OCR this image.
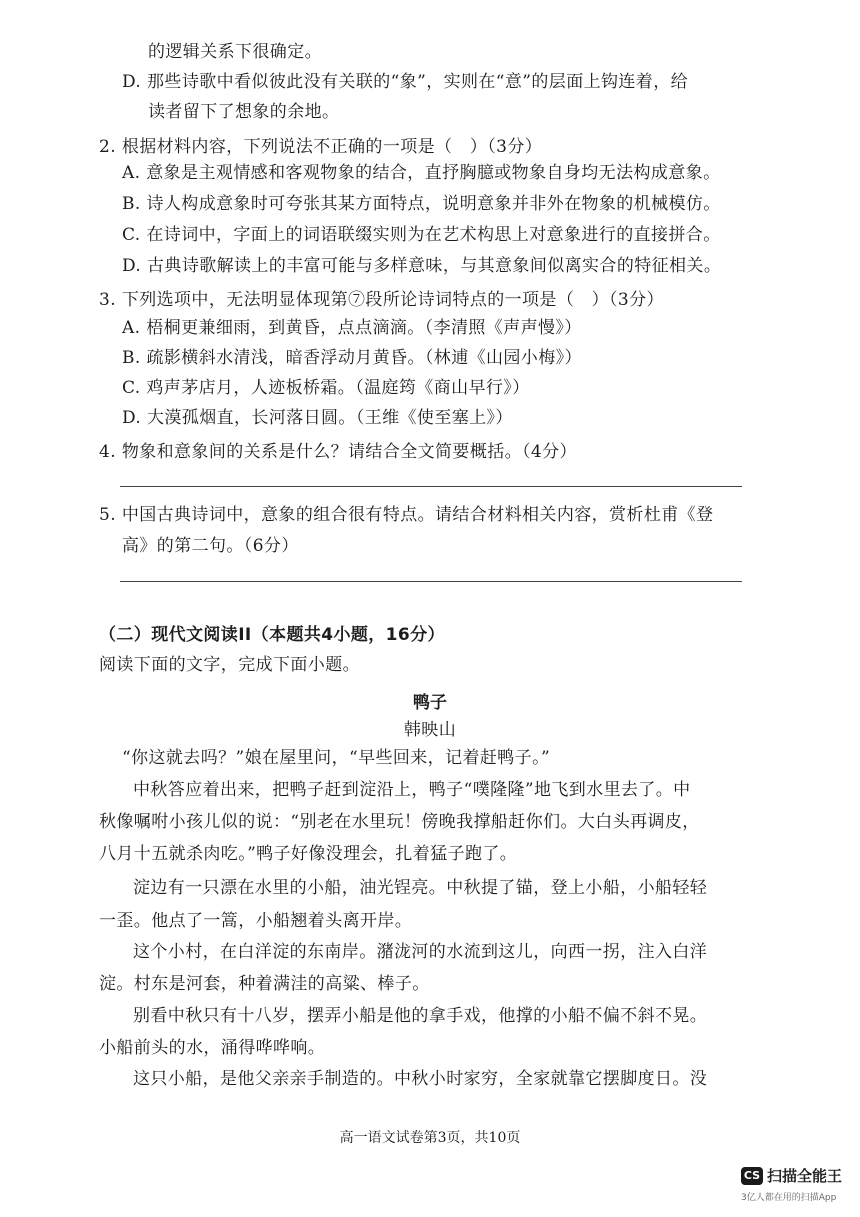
的逻辑关系下很确定。
D. 那些诗歌中看似彼此没有关联的“象”，实则在“意”的层面上钩连着，给
读者留下了想象的余地。
2. 根据材料内容，下列说法不正确的一项是（　）（3分）
A. 意象是主观情感和客观物象的结合，直抒胸臆或物象自身均无法构成意象。
B. 诗人构成意象时可夸张其某方面特点，说明意象并非外在物象的机械模仿。
C. 在诗词中，字面上的词语联缀实则为在艺术构思上对意象进行的直接拼合。
D. 古典诗歌解读上的丰富可能与多样意味，与其意象间似离实合的特征相关。
3. 下列选项中，无法明显体现第⑦段所论诗词特点的一项是（　）（3分）
A. 梧桐更兼细雨，到黄昏，点点滴滴。（李清照《声声慢》）
B. 疏影横斜水清浅，暗香浮动月黄昏。（林逋《山园小梅》）
C. 鸡声茅店月，人迹板桥霜。（温庭筠《商山早行》）
D. 大漠孤烟直，长河落日圆。（王维《使至塞上》）
4. 物象和意象间的关系是什么？请结合全文简要概括。（4分）
5. 中国古典诗词中，意象的组合很有特点。请结合材料相关内容，赏析杜甫《登
高》的第二句。（6分）
（二）现代文阅读II（本题共4小题，16分）
阅读下面的文字，完成下面小题。
鸭子
韩映山
“你这就去吗？”娘在屋里问，“早些回来，记着赶鸭子。”
中秋答应着出来，把鸭子赶到淀沿上，鸭子“噗隆隆”地飞到水里去了。中
秋像嘱咐小孩儿似的说：“别老在水里玩！傍晚我撑船赶你们。大白头再调皮，
八月十五就杀肉吃。”鸭子好像没理会，扎着猛子跑了。
淀边有一只漂在水里的小船，油光锃亮。中秋提了锚，登上小船，小船轻轻
一歪。他点了一篙，小船翘着头离开岸。
这个小村，在白洋淀的东南岸。潴泷河的水流到这儿，向西一拐，注入白洋
淀。村东是河套，种着满洼的高粱、棒子。
别看中秋只有十八岁，摆弄小船是他的拿手戏，他撑的小船不偏不斜不晃。
小船前头的水，涌得哗哗响。
这只小船，是他父亲亲手制造的。中秋小时家穷，全家就靠它摆脚度日。没
高一语文试卷第3页，共10页
CS 扫描全能王
3亿人都在用的扫描App
